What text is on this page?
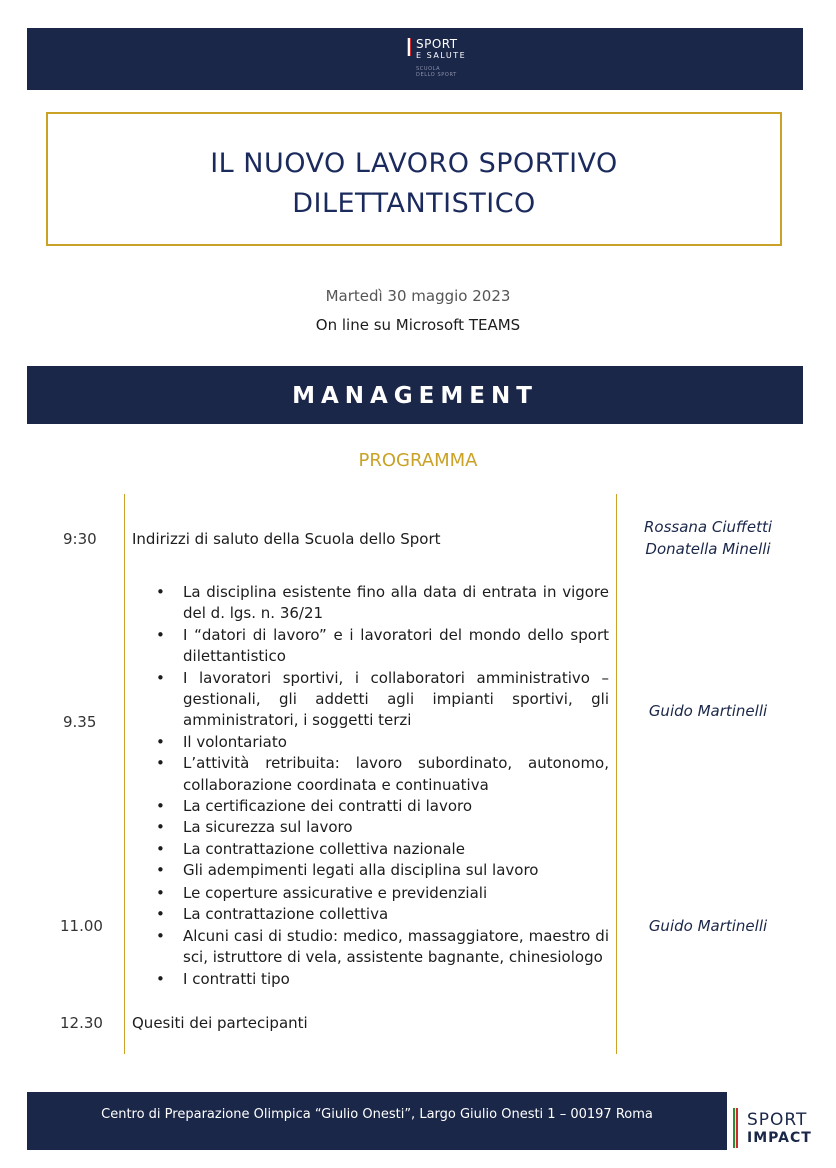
SPORT
E SALUTE
SCUOLA
DELLO SPORT
IL NUOVO LAVORO SPORTIVO
DILETTANTISTICO
Martedì 30 maggio 2023
On line su Microsoft TEAMS
MANAGEMENT
PROGRAMMA
9:30 Indirizzi di saluto della Scuola dello Sport
Rossana Ciuffetti
Donatella Minelli
9.35
• La disciplina esistente fino alla data di entrata in vigore del d. lgs. n. 36/21
• I “datori di lavoro” e i lavoratori del mondo dello sport dilettantistico
• I lavoratori sportivi, i collaboratori amministrativo – gestionali, gli addetti agli impianti sportivi, gli amministratori, i soggetti terzi
• Il volontariato
• L’attività retribuita: lavoro subordinato, autonomo, collaborazione coordinata e continuativa
• La certificazione dei contratti di lavoro
• La sicurezza sul lavoro
• La contrattazione collettiva nazionale
• Gli adempimenti legati alla disciplina sul lavoro
Guido Martinelli
11.00
• Le coperture assicurative e previdenziali
• La contrattazione collettiva
• Alcuni casi di studio: medico, massaggiatore, maestro di sci, istruttore di vela, assistente bagnante, chinesiologo
• I contratti tipo
Guido Martinelli
12.30 Quesiti dei partecipanti
Centro di Preparazione Olimpica “Giulio Onesti”, Largo Giulio Onesti 1 – 00197 Roma	SPORT
IMPACT
